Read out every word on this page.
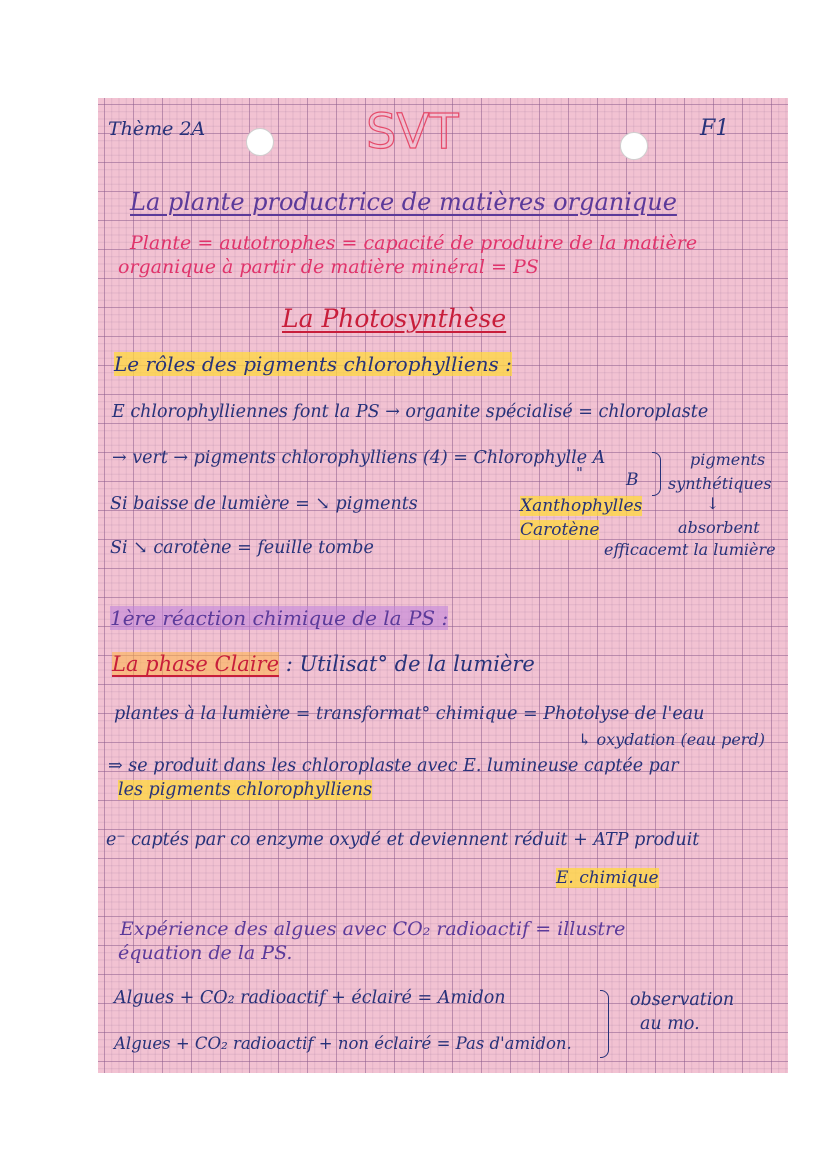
Thème 2A	SVT	F1
La plante productrice de matières organique
Plante = autotrophes = capacité de produire de la matière
organique à partir de matière minéral = PS
La Photosynthèse
Le rôles des pigments chlorophylliens :
E chlorophylliennes font la PS → organite spécialisé = chloroplaste
→ vert → pigments chlorophylliens (4) = Chlorophylle A
"	B
pigments
synthétiques
↓
Xanthophylles
Carotène	absorbent
efficacemt la lumière
Si baisse de lumière = ↘ pigments
Si ↘ carotène = feuille tombe
1ère réaction chimique de la PS :
La phase Claire : Utilisat° de la lumière
plantes à la lumière = transformat° chimique = Photolyse de l'eau
↳ oxydation (eau perd)
⇒ se produit dans les chloroplaste avec E. lumineuse captée par
les pigments chlorophylliens
e⁻ captés par co enzyme oxydé et deviennent réduit + ATP produit
E. chimique
Expérience des algues avec CO₂ radioactif = illustre
équation de la PS.
Algues + CO₂ radioactif + éclairé = Amidon
Algues + CO₂ radioactif + non éclairé = Pas d'amidon.
observation
au mo.
